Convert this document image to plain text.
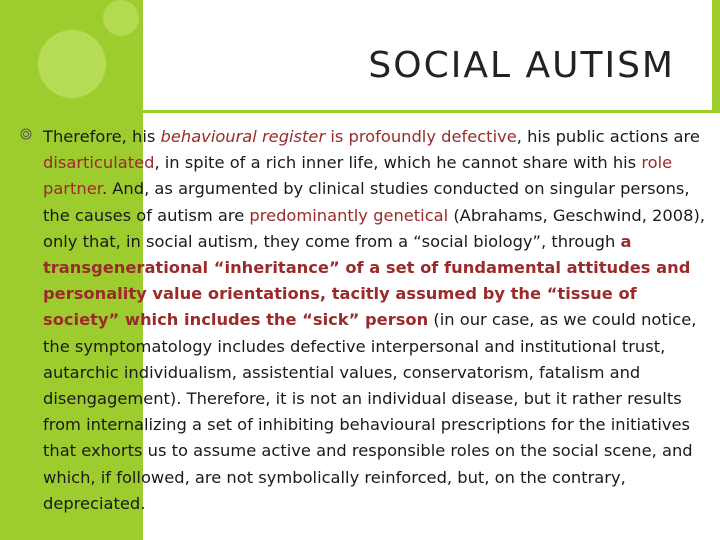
SOCIAL AUTISM

Therefore, his behavioural register is profoundly defective, his public actions are disarticulated, in spite of a rich inner life, which he cannot share with his role partner. And, as argumented by clinical studies conducted on singular persons, the causes of autism are predominantly genetical (Abrahams, Geschwind, 2008), only that, in social autism, they come from a “social biology”, through a transgenerational “inheritance” of a set of fundamental attitudes and personality value orientations, tacitly assumed by the “tissue of society” which includes the “sick” person (in our case, as we could notice, the symptomatology includes defective interpersonal and institutional trust, autarchic individualism, assistential values, conservatorism, fatalism and disengagement). Therefore, it is not an individual disease, but it rather results from internalizing a set of inhibiting behavioural prescriptions for the initiatives that exhorts us to assume active and responsible roles on the social scene, and which, if followed, are not symbolically reinforced, but, on the contrary, depreciated.
